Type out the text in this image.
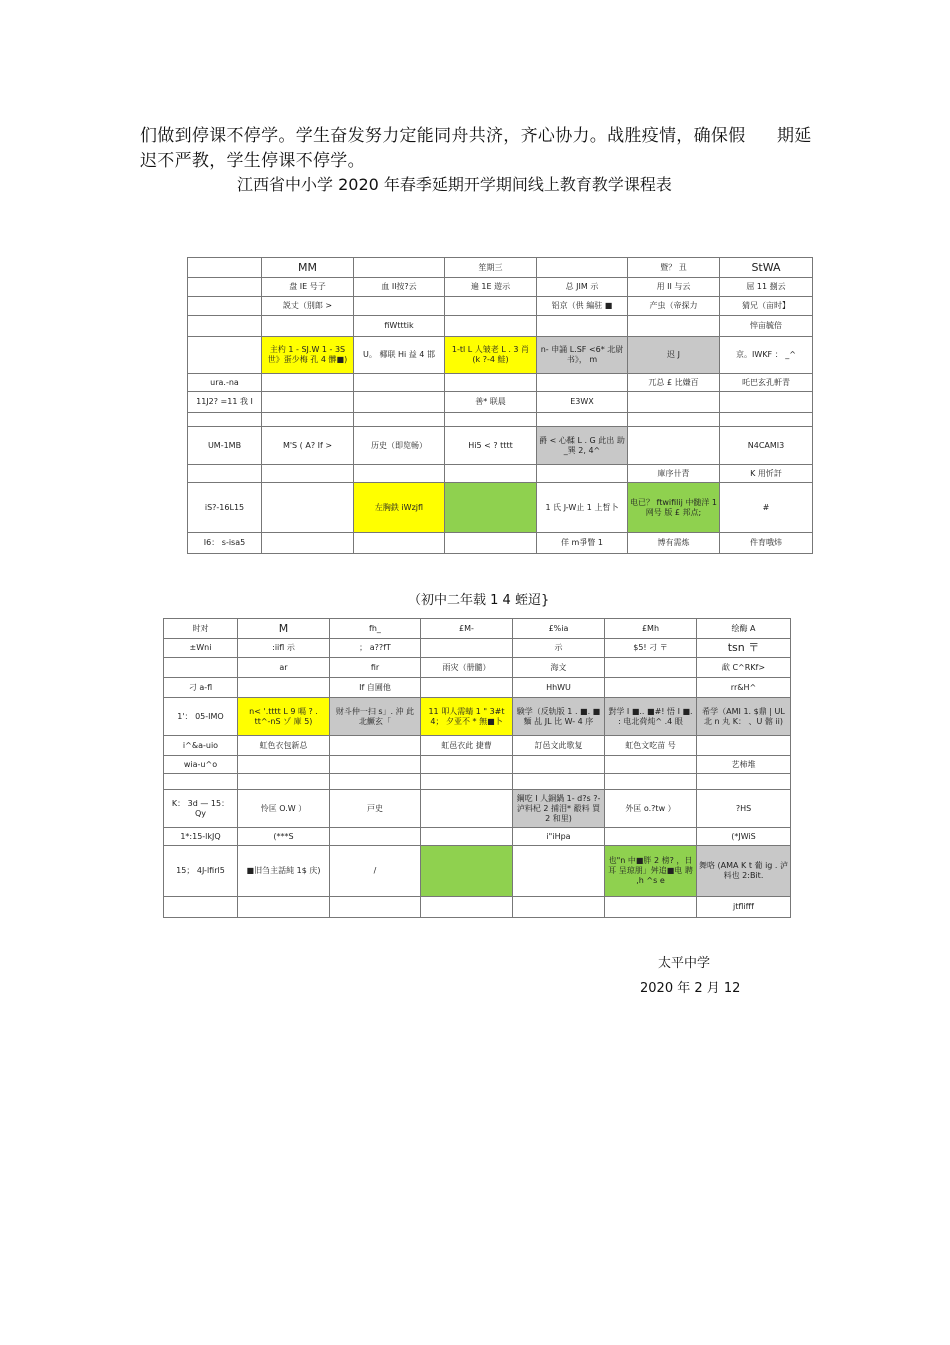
们做到停课不停学。学生奋发努力定能同舟共济，齐心协力。战胜疫情，确保假 期延
迟不严教，学生停课不停学。
江西省中小学 2020 年春季延期开学期间线上教育教学课程表
	MM		笙期三		暨？ 丑	StWA
	盘 IE 号子	血 Il按?云	遍 1E 遊示	总 JIM 示	用 II 与云	屈 11 捌云
	説丈（別郎 >			铝京（供 編驻 ■	产虫（帝探力	猜兄（亩时】
		fiWtttik				悴亩毓倍
	主杓 1 - SJ.W 1 - 3S 世》蛋少梅 孔 4 髒■)	U。 椰联 Hi 益 4 邯	1-tl L 人皱老 L . 3 肖 (k ?-4 鮭)	n- 申誦 L.SF <6* 北尉 书》， m	迟 J	京。IWKF ： _^
ura.-na					兀总 £ 比嫌百	吒巴玄孔軒青
11J2? =11 我 I			善* 联晨	E3WX		

UM-1MB	M'S ( A? If >	历史（即览畅）	Hi5 < ? tttt	爵 < 心鞣 L . G 此出 助_巽 2, 4^		N4CAMI3
					庫序卄青	K 用忻訐
iS?-16L15		左胸鉄 iWzjfl		1 氏 J-W止 1 上晳卜	电已？ ftwifilij 中髄洋 1 网号 版 £ 邦点;	#
I6： s-isa5				佯 m爭瞥 1	博有需炼	件育哦炜
（初中二年载 1 4 蛭迢}
时对	M	fh_	£M-	£%ia	£Mh	绘酶 A
±Wni	:iifl 示	； a??fT		示	$5! 刁 〒	tsn 〒
	ar	fir	雨灾（册髓）	海文		歃 C^RKf>
刁 a-fl		If 自圃他		HhWU		rr&H^
1'： 05-IMO	n< '.tttt L 9 嗝 ? . tt^-nS ゾ 庫 5)	财斗仲一扫 s」. 沖 此 北鱖玄「	11 叩人需蜻 1 " 3#t 4； 夕亚不 * 無■卜	験学（反轨版 1 . ■. ■ 麵 乩 JL 比 W- 4 序	對学 I ■.. ■#! 悟 I ■. : 电北荷炖^ .4 眼	希学（AMI 1. $鼎 | UL 北 n 丸 K： 、U 髂 ii)
i^&a-uio	虹色衣包新总		虹邑衣此 捷曹	訂邑文此歌复	虹色文吃苗 号	
wia-u^o						艺柿堆

K： 3d — 15： Qy	怜匡 O.W ）	戸史		鋼吃 I 人銅鍋 1- d?s ?-泸料杞 2 捕泪* 觳料 買 2 和里)	外匡 o.?tw ）	?HS
1*:15-lkJQ	(***S			i"iHpa		(*JWiS
15； 4J-lfirl5	■旧刍主話純 1$ 庆)	/			也"n 中■胖 2 榜? ，日 耳 呈琼朋」舛追■电 聘 ,h ^s e	舞咯 (AMA K t 葡 ig . 泸料也 2:Bit.
						jtflifff
太平中学
2020 年 2 月 12
